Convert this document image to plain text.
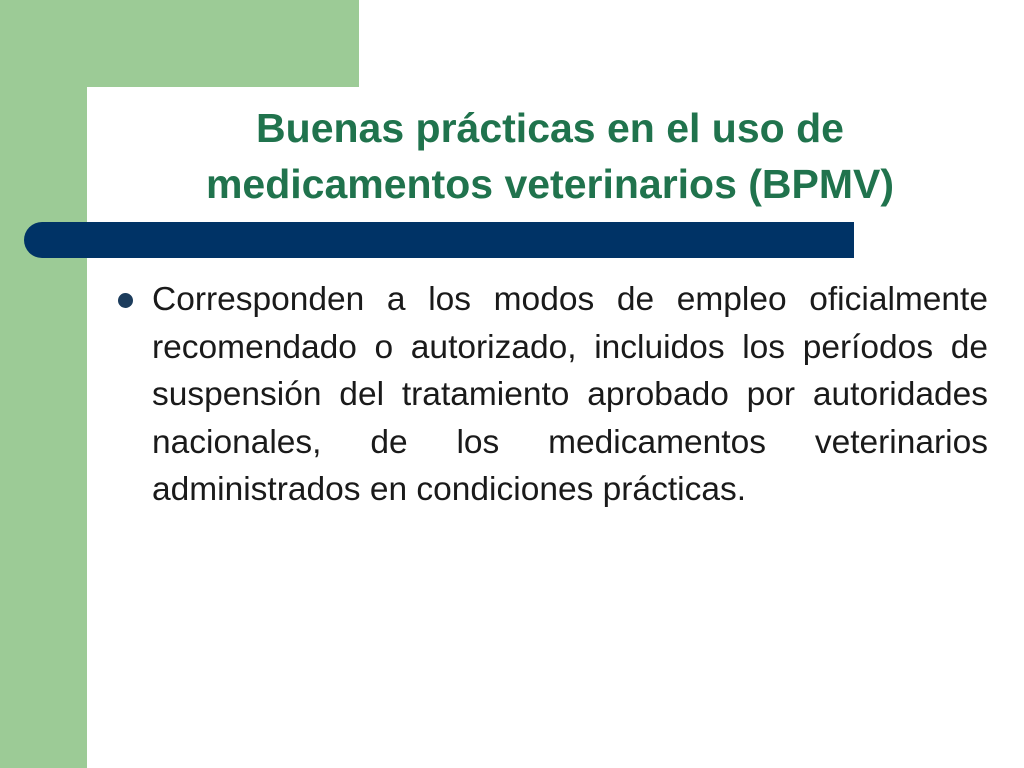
Buenas prácticas en el uso de
medicamentos veterinarios (BPMV)
Corresponden a los modos de empleo oficialmente recomendado o autorizado, incluidos los períodos de suspensión del tratamiento aprobado por autoridades nacionales, de los medicamentos veterinarios administrados en condiciones prácticas.
